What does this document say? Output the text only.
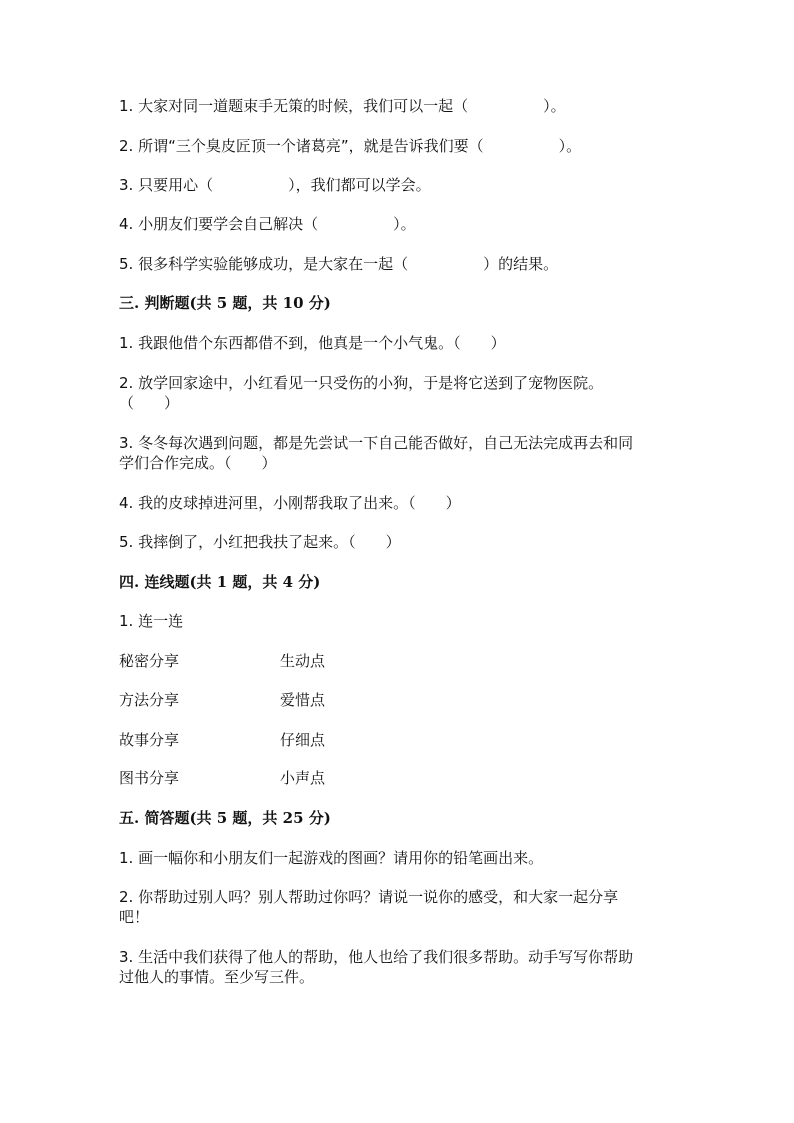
1. 大家对同一道题束手无策的时候，我们可以一起（　　　　　）。
2. 所谓“三个臭皮匠顶一个诸葛亮”，就是告诉我们要（　　　　　）。
3. 只要用心（　　　　　），我们都可以学会。
4. 小朋友们要学会自己解决（　　　　　）。
5. 很多科学实验能够成功，是大家在一起（　　　　　）的结果。
三. 判断题(共 5 题，共 10 分)
1. 我跟他借个东西都借不到，他真是一个小气鬼。（　　）
2. 放学回家途中，小红看见一只受伤的小狗，于是将它送到了宠物医院。
（　　）
3. 冬冬每次遇到问题，都是先尝试一下自己能否做好，自己无法完成再去和同
学们合作完成。（　　）
4. 我的皮球掉进河里，小刚帮我取了出来。（　　）
5. 我摔倒了，小红把我扶了起来。（　　）
四. 连线题(共 1 题，共 4 分)
1. 连一连
秘密分享	生动点
方法分享	爱惜点
故事分享	仔细点
图书分享	小声点
五. 简答题(共 5 题，共 25 分)
1. 画一幅你和小朋友们一起游戏的图画？请用你的铅笔画出来。
2. 你帮助过别人吗？别人帮助过你吗？请说一说你的感受，和大家一起分享
吧！
3. 生活中我们获得了他人的帮助，他人也给了我们很多帮助。动手写写你帮助
过他人的事情。至少写三件。
